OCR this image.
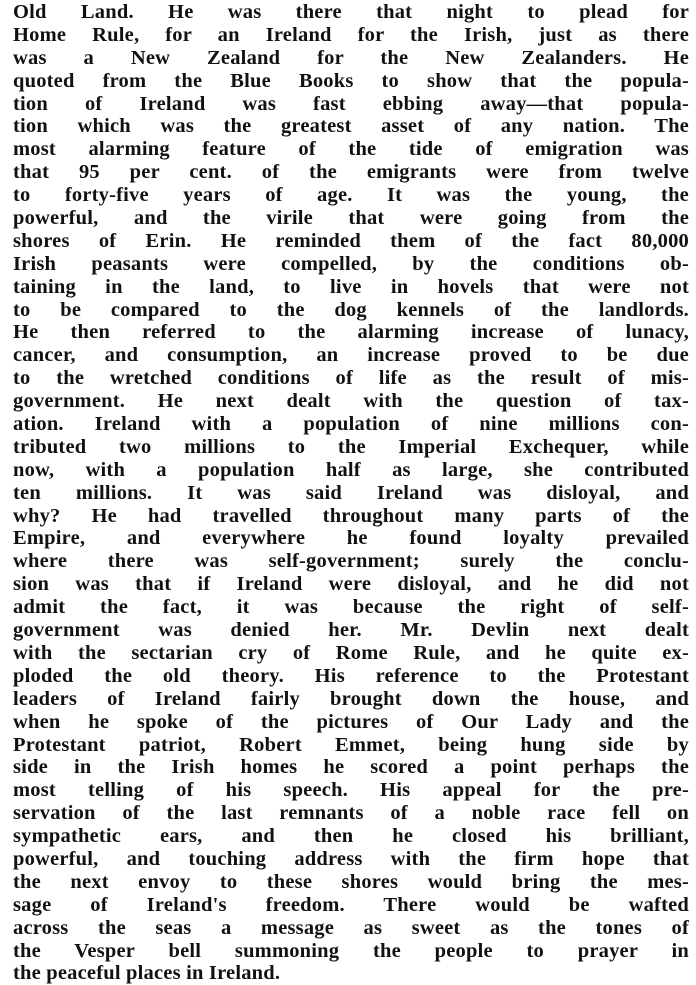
Old Land. He was there that night to plead for
Home Rule, for an Ireland for the Irish, just as there
was a New Zealand for the New Zealanders. He
quoted from the Blue Books to show that the popula-
tion of Ireland was fast ebbing away—that popula-
tion which was the greatest asset of any nation. The
most alarming feature of the tide of emigration was
that 95 per cent. of the emigrants were from twelve
to forty-five years of age. It was the young, the
powerful, and the virile that were going from the
shores of Erin. He reminded them of the fact 80,000
Irish peasants were compelled, by the conditions ob-
taining in the land, to live in hovels that were not
to be compared to the dog kennels of the landlords.
He then referred to the alarming increase of lunacy,
cancer, and consumption, an increase proved to be due
to the wretched conditions of life as the result of mis-
government. He next dealt with the question of tax-
ation. Ireland with a population of nine millions con-
tributed two millions to the Imperial Exchequer, while
now, with a population half as large, she contributed
ten millions. It was said Ireland was disloyal, and
why? He had travelled throughout many parts of the
Empire, and everywhere he found loyalty prevailed
where there was self-government; surely the conclu-
sion was that if Ireland were disloyal, and he did not
admit the fact, it was because the right of self-
government was denied her. Mr. Devlin next dealt
with the sectarian cry of Rome Rule, and he quite ex-
ploded the old theory. His reference to the Protestant
leaders of Ireland fairly brought down the house, and
when he spoke of the pictures of Our Lady and the
Protestant patriot, Robert Emmet, being hung side by
side in the Irish homes he scored a point perhaps the
most telling of his speech. His appeal for the pre-
servation of the last remnants of a noble race fell on
sympathetic ears, and then he closed his brilliant,
powerful, and touching address with the firm hope that
the next envoy to these shores would bring the mes-
sage of Ireland's freedom. There would be wafted
across the seas a message as sweet as the tones of
the Vesper bell summoning the people to prayer in
the peaceful places in Ireland.
